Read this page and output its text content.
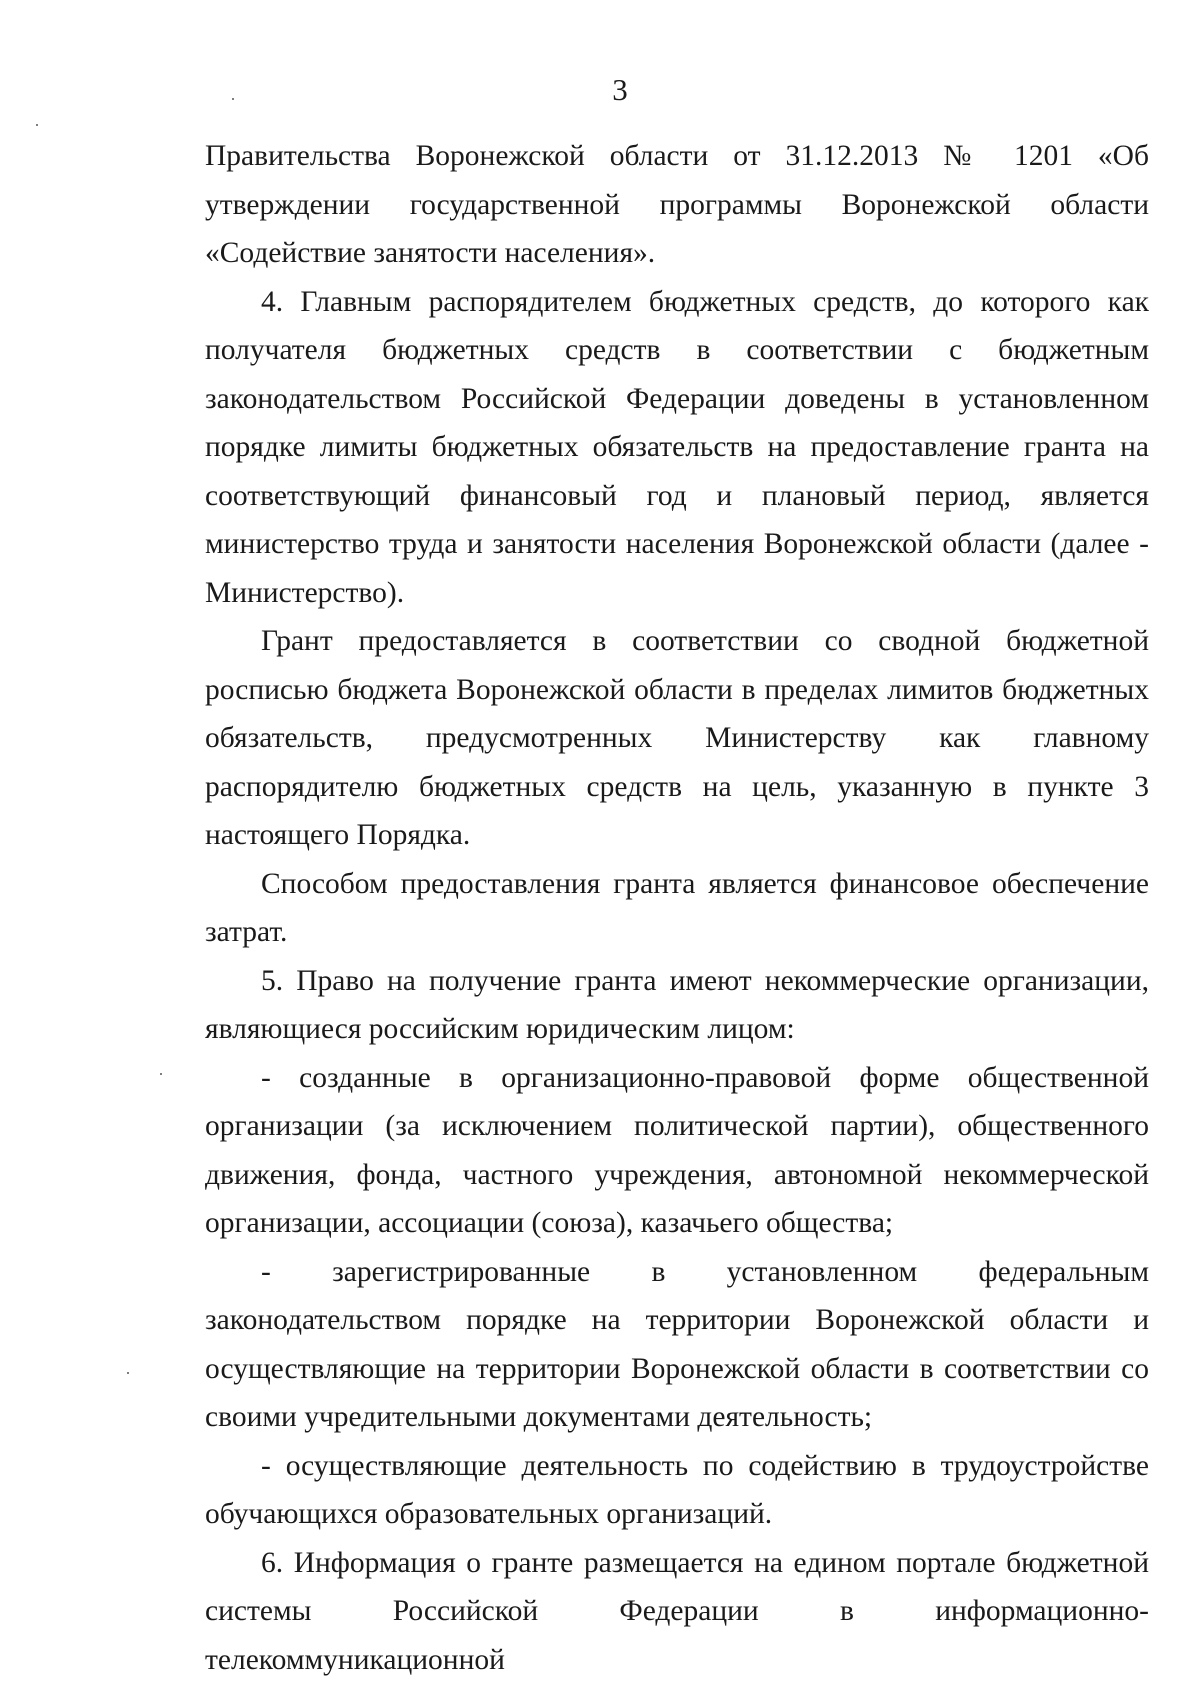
3

Правительства Воронежской области от 31.12.2013 № 1201 «Об утверждении государственной программы Воронежской области «Содействие занятости населения».

4. Главным распорядителем бюджетных средств, до которого как получателя бюджетных средств в соответствии с бюджетным законодательством Российской Федерации доведены в установленном порядке лимиты бюджетных обязательств на предоставление гранта на соответствующий финансовый год и плановый период, является министерство труда и занятости населения Воронежской области (далее - Министерство).

Грант предоставляется в соответствии со сводной бюджетной росписью бюджета Воронежской области в пределах лимитов бюджетных обязательств, предусмотренных Министерству как главному распорядителю бюджетных средств на цель, указанную в пункте 3 настоящего Порядка.

Способом предоставления гранта является финансовое обеспечение затрат.

5. Право на получение гранта имеют некоммерческие организации, являющиеся российским юридическим лицом:

- созданные в организационно-правовой форме общественной организации (за исключением политической партии), общественного движения, фонда, частного учреждения, автономной некоммерческой организации, ассоциации (союза), казачьего общества;

- зарегистрированные в установленном федеральным законодательством порядке на территории Воронежской области и осуществляющие на территории Воронежской области в соответствии со своими учредительными документами деятельность;

- осуществляющие деятельность по содействию в трудоустройстве обучающихся образовательных организаций.

6. Информация о гранте размещается на едином портале бюджетной системы Российской Федерации в информационно-телекоммуникационной
